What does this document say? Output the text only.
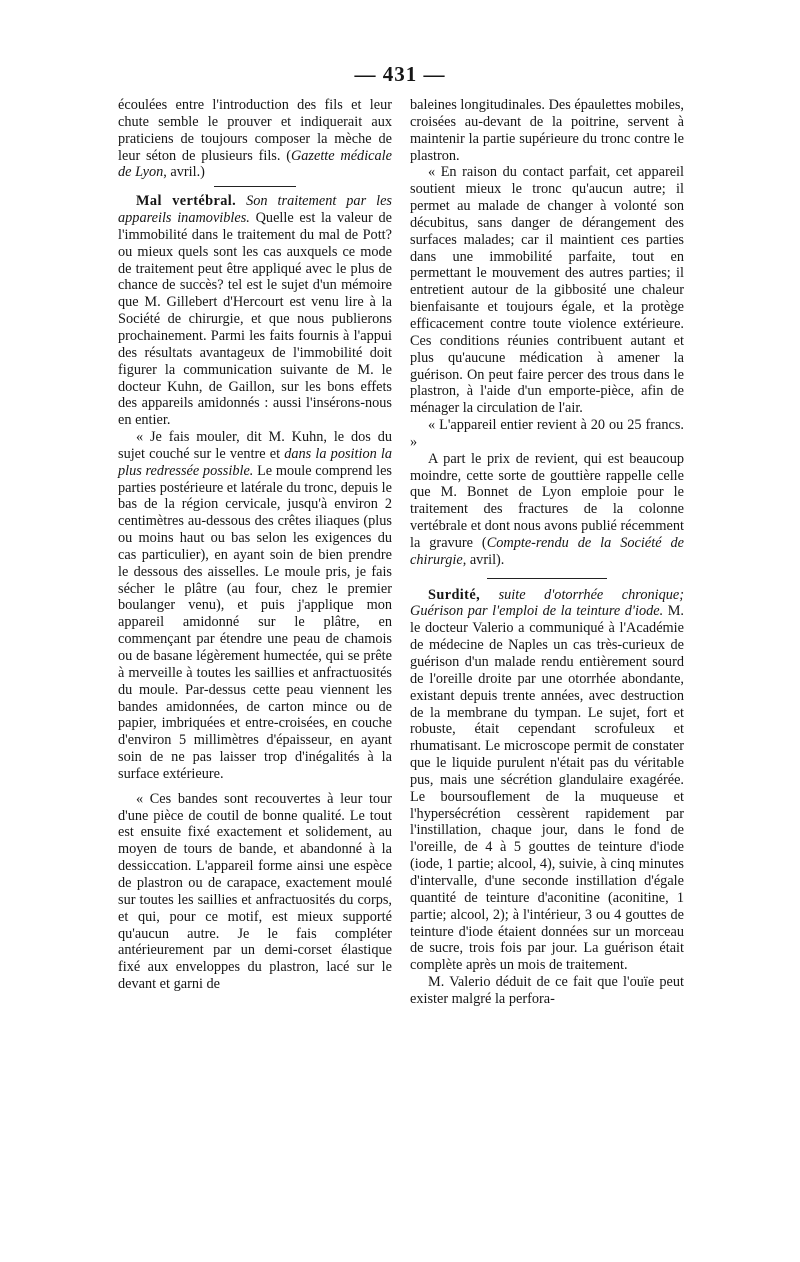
— 431 —

écoulées entre l'introduction des fils et leur chute semble le prouver et indiquerait aux praticiens de toujours composer la mèche de leur séton de plusieurs fils. (Gazette médicale de Lyon, avril.)

Mal vertébral. Son traitement par les appareils inamovibles. Quelle est la valeur de l'immobilité dans le traitement du mal de Pott? ou mieux quels sont les cas auxquels ce mode de traitement peut être appliqué avec le plus de chance de succès? tel est le sujet d'un mémoire que M. Gillebert d'Hercourt est venu lire à la Société de chirurgie, et que nous publierons prochainement. Parmi les faits fournis à l'appui des résultats avantageux de l'immobilité doit figurer la communication suivante de M. le docteur Kuhn, de Gaillon, sur les bons effets des appareils amidonnés : aussi l'insérons-nous en entier.

« Je fais mouler, dit M. Kuhn, le dos du sujet couché sur le ventre et dans la position la plus redressée possible. Le moule comprend les parties postérieure et latérale du tronc, depuis le bas de la région cervicale, jusqu'à environ 2 centimètres au-dessous des crêtes iliaques (plus ou moins haut ou bas selon les exigences du cas particulier), en ayant soin de bien prendre le dessous des aisselles. Le moule pris, je fais sécher le plâtre (au four, chez le premier boulanger venu), et puis j'applique mon appareil amidonné sur le plâtre, en commençant par étendre une peau de chamois ou de basane légèrement humectée, qui se prête à merveille à toutes les saillies et anfractuosités du moule. Par-dessus cette peau viennent les bandes amidonnées, de carton mince ou de papier, imbriquées et entre-croisées, en couche d'environ 5 millimètres d'épaisseur, en ayant soin de ne pas laisser trop d'inégalités à la surface extérieure.

« Ces bandes sont recouvertes à leur tour d'une pièce de coutil de bonne qualité. Le tout est ensuite fixé exactement et solidement, au moyen de tours de bande, et abandonné à la dessiccation. L'appareil forme ainsi une espèce de plastron ou de carapace, exactement moulé sur toutes les saillies et anfractuosités du corps, et qui, pour ce motif, est mieux supporté qu'aucun autre. Je le fais compléter antérieurement par un demi-corset élastique fixé aux enveloppes du plastron, lacé sur le devant et garni de

baleines longitudinales. Des épaulettes mobiles, croisées au-devant de la poitrine, servent à maintenir la partie supérieure du tronc contre le plastron.

« En raison du contact parfait, cet appareil soutient mieux le tronc qu'aucun autre; il permet au malade de changer à volonté son décubitus, sans danger de dérangement des surfaces malades; car il maintient ces parties dans une immobilité parfaite, tout en permettant le mouvement des autres parties; il entretient autour de la gibbosité une chaleur bienfaisante et toujours égale, et la protège efficacement contre toute violence extérieure. Ces conditions réunies contribuent autant et plus qu'aucune médication à amener la guérison. On peut faire percer des trous dans le plastron, à l'aide d'un emporte-pièce, afin de ménager la circulation de l'air.

« L'appareil entier revient à 20 ou 25 francs. »

A part le prix de revient, qui est beaucoup moindre, cette sorte de gouttière rappelle celle que M. Bonnet de Lyon emploie pour le traitement des fractures de la colonne vertébrale et dont nous avons publié récemment la gravure (Compte-rendu de la Société de chirurgie, avril).

Surdité, suite d'otorrhée chronique; Guérison par l'emploi de la teinture d'iode. M. le docteur Valerio a communiqué à l'Académie de médecine de Naples un cas très-curieux de guérison d'un malade rendu entièrement sourd de l'oreille droite par une otorrhée abondante, existant depuis trente années, avec destruction de la membrane du tympan. Le sujet, fort et robuste, était cependant scrofuleux et rhumatisant. Le microscope permit de constater que le liquide purulent n'était pas du véritable pus, mais une sécrétion glandulaire exagérée. Le boursouflement de la muqueuse et l'hypersécrétion cessèrent rapidement par l'instillation, chaque jour, dans le fond de l'oreille, de 4 à 5 gouttes de teinture d'iode (iode, 1 partie; alcool, 4), suivie, à cinq minutes d'intervalle, d'une seconde instillation d'égale quantité de teinture d'aconitine (aconitine, 1 partie; alcool, 2); à l'intérieur, 3 ou 4 gouttes de teinture d'iode étaient données sur un morceau de sucre, trois fois par jour. La guérison était complète après un mois de traitement.

M. Valerio déduit de ce fait que l'ouïe peut exister malgré la perfora-
